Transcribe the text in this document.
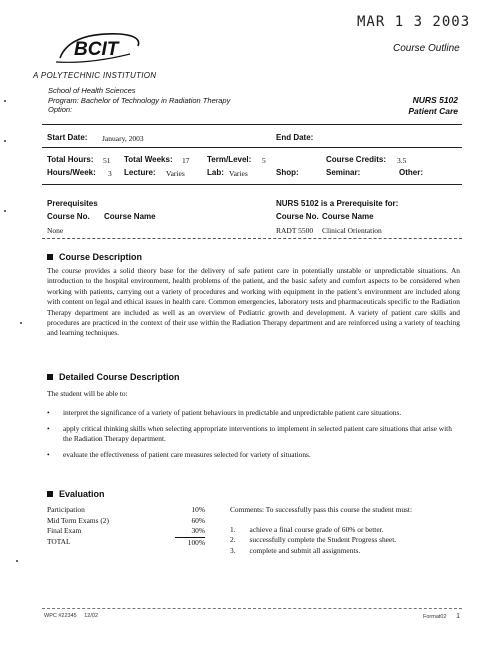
MAR 1 3 2003
Course Outline
BCIT
A POLYTECHNIC INSTITUTION
School of Health Sciences
Program: Bachelor of Technology in Radiation Therapy
Option:
NURS 5102
Patient Care
Start Date: January, 2003	End Date:
Total Hours: 51 Total Weeks: 17 Term/Level: 5	Course Credits: 3.5
Hours/Week: 3 Lecture: Varies	Lab: Varies	Shop:	Seminar:	Other:
Prerequisites
Course No. Course Name
None
NURS 5102 is a Prerequisite for:
Course No. Course Name
RADT 5500 Clinical Orientation
Course Description
The course provides a solid theory base for the delivery of safe patient care in potentially unstable or unpredictable situations. An introduction to the hospital environment, health problems of the patient, and the basic safety and comfort aspects to be considered when working with patients, carrying out a variety of procedures and working with equipment in the patient’s environment are included along with content on legal and ethical issues in health care. Common emergencies, laboratory tests and pharmaceuticals specific to the Radiation Therapy department are included as well as an overview of Pediatric growth and development. A variety of patient care skills and procedures are practiced in the context of their use within the Radiation Therapy department and are reinforced using a variety of teaching and learning techniques.
Detailed Course Description
The student will be able to:
• interpret the significance of a variety of patient behaviours in predictable and unpredictable patient care situations.
• apply critical thinking skills when selecting appropriate interventions to implement in selected patient care situations that arise with the Radiation Therapy department.
• evaluate the effectiveness of patient care measures selected for variety of situations.
Evaluation
Participation	10%
Mid Term Exams (2)	60%
Final Exam	30%
TOTAL	100%
Comments: To successfully pass this course the student must:
1. achieve a final course grade of 60% or better.
2. successfully complete the Student Progress sheet.
3. complete and submit all assignments.
WPC #22345 12/02	Format02 1
